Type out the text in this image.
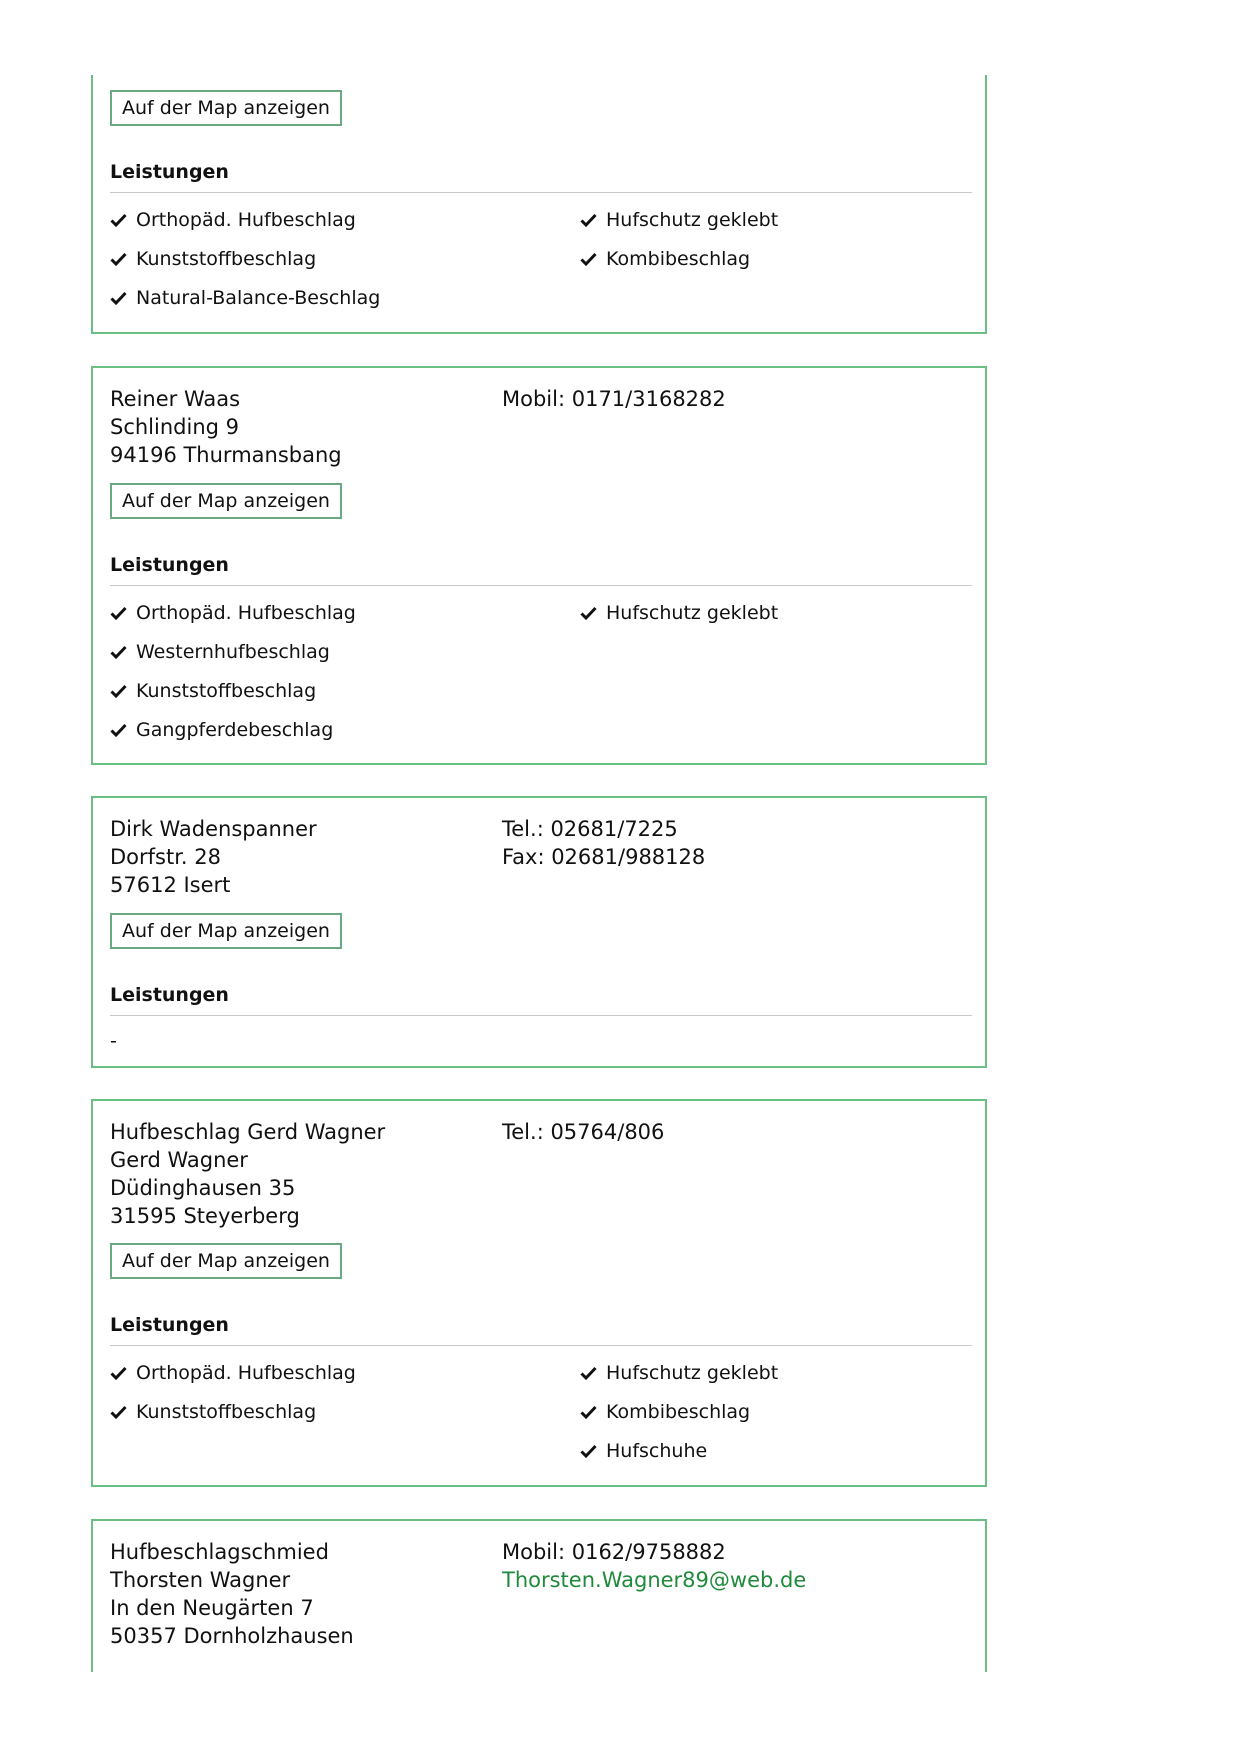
Auf der Map anzeigen
Leistungen
Orthopäd. Hufbeschlag
Kunststoffbeschlag
Natural-Balance-Beschlag
Hufschutz geklebt
Kombibeschlag
Reiner Waas
Schlinding 9
94196 Thurmansbang
Mobil: 0171/3168282
Auf der Map anzeigen
Leistungen
Orthopäd. Hufbeschlag
Westernhufbeschlag
Kunststoffbeschlag
Gangpferdebeschlag
Hufschutz geklebt
Dirk Wadenspanner
Dorfstr. 28
57612 Isert
Tel.: 02681/7225
Fax: 02681/988128
Auf der Map anzeigen
Leistungen
-
Hufbeschlag Gerd Wagner
Gerd Wagner
Düdinghausen 35
31595 Steyerberg
Tel.: 05764/806
Auf der Map anzeigen
Leistungen
Orthopäd. Hufbeschlag
Kunststoffbeschlag
Hufschutz geklebt
Kombibeschlag
Hufschuhe
Hufbeschlagschmied
Thorsten Wagner
In den Neugärten 7
50357 Dornholzhausen
Mobil: 0162/9758882
Thorsten.Wagner89@web.de
